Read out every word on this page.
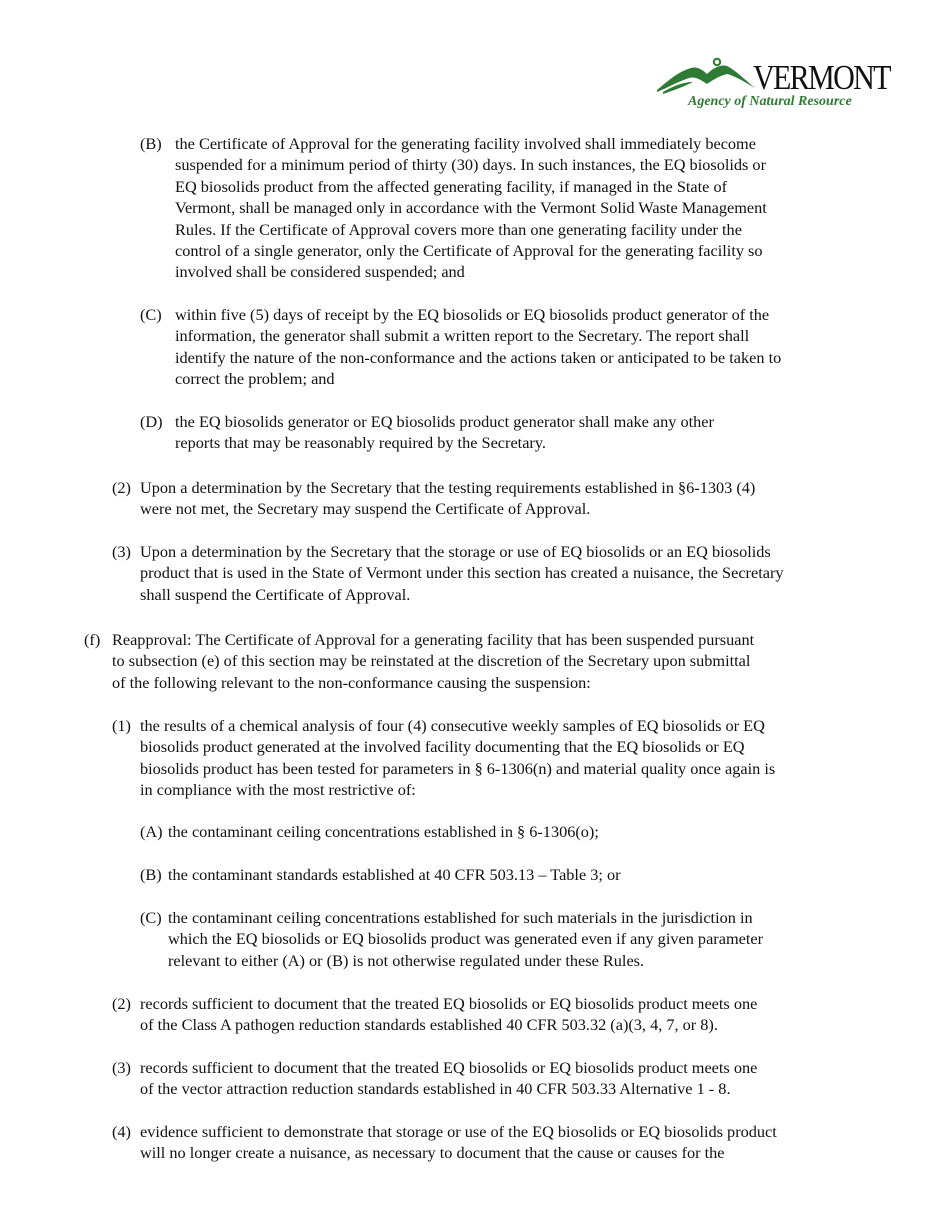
VERMONT
Agency of Natural Resource
(B) the Certificate of Approval for the generating facility involved shall immediately become
suspended for a minimum period of thirty (30) days. In such instances, the EQ biosolids or
EQ biosolids product from the affected generating facility, if managed in the State of
Vermont, shall be managed only in accordance with the Vermont Solid Waste Management
Rules. If the Certificate of Approval covers more than one generating facility under the
control of a single generator, only the Certificate of Approval for the generating facility so
involved shall be considered suspended; and
(C) within five (5) days of receipt by the EQ biosolids or EQ biosolids product generator of the
information, the generator shall submit a written report to the Secretary. The report shall
identify the nature of the non-conformance and the actions taken or anticipated to be taken to
correct the problem; and
(D) the EQ biosolids generator or EQ biosolids product generator shall make any other
reports that may be reasonably required by the Secretary.
(2) Upon a determination by the Secretary that the testing requirements established in §6-1303 (4)
were not met, the Secretary may suspend the Certificate of Approval.
(3) Upon a determination by the Secretary that the storage or use of EQ biosolids or an EQ biosolids
product that is used in the State of Vermont under this section has created a nuisance, the Secretary
shall suspend the Certificate of Approval.
(f) Reapproval: The Certificate of Approval for a generating facility that has been suspended pursuant
to subsection (e) of this section may be reinstated at the discretion of the Secretary upon submittal
of the following relevant to the non-conformance causing the suspension:
(1) the results of a chemical analysis of four (4) consecutive weekly samples of EQ biosolids or EQ
biosolids product generated at the involved facility documenting that the EQ biosolids or EQ
biosolids product has been tested for parameters in § 6-1306(n) and material quality once again is
in compliance with the most restrictive of:
(A) the contaminant ceiling concentrations established in § 6-1306(o);
(B) the contaminant standards established at 40 CFR 503.13 – Table 3; or
(C) the contaminant ceiling concentrations established for such materials in the jurisdiction in
which the EQ biosolids or EQ biosolids product was generated even if any given parameter
relevant to either (A) or (B) is not otherwise regulated under these Rules.
(2) records sufficient to document that the treated EQ biosolids or EQ biosolids product meets one
of the Class A pathogen reduction standards established 40 CFR 503.32 (a)(3, 4, 7, or 8).
(3) records sufficient to document that the treated EQ biosolids or EQ biosolids product meets one
of the vector attraction reduction standards established in 40 CFR 503.33 Alternative 1 - 8.
(4) evidence sufficient to demonstrate that storage or use of the EQ biosolids or EQ biosolids product
will no longer create a nuisance, as necessary to document that the cause or causes for the
